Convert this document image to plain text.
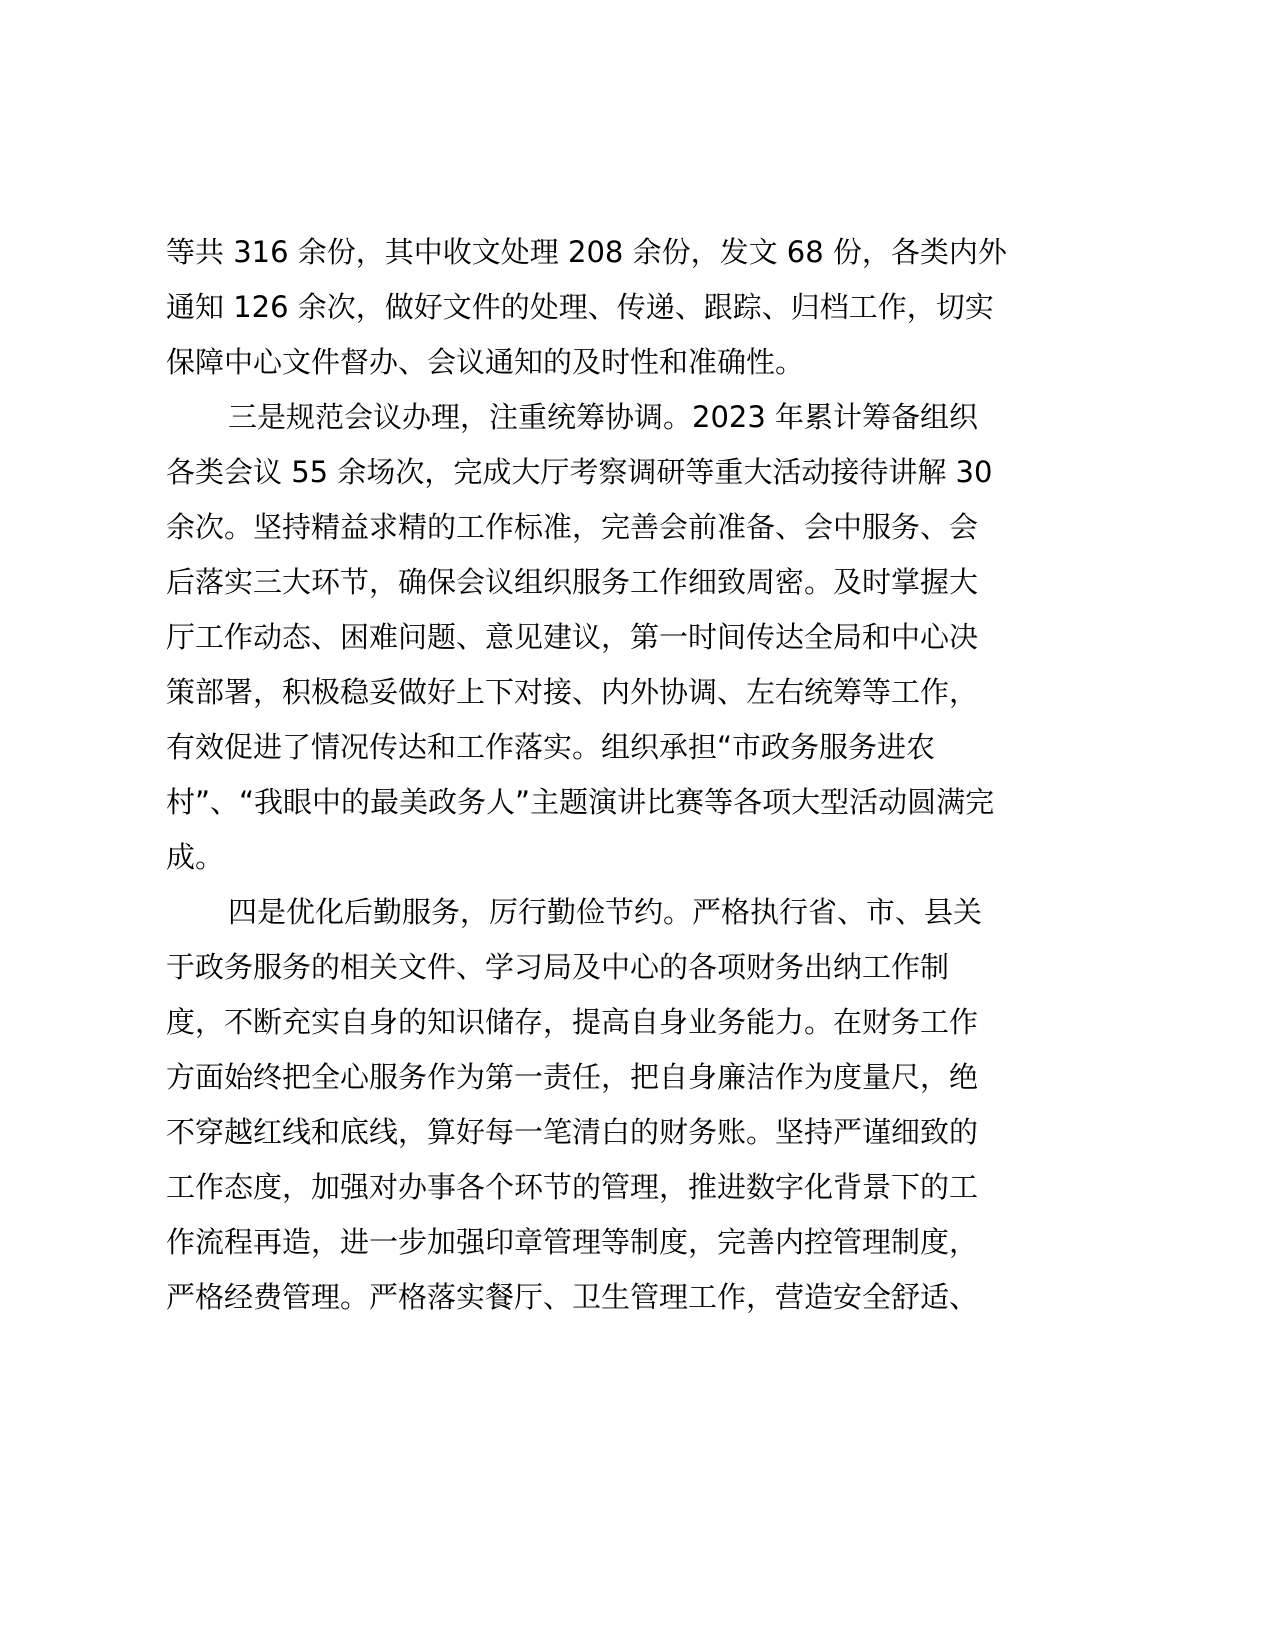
等共 316 余份，其中收文处理 208 余份，发文 68 份，各类内外
通知 126 余次，做好文件的处理、传递、跟踪、归档工作，切实
保障中心文件督办、会议通知的及时性和准确性。
三是规范会议办理，注重统筹协调。2023 年累计筹备组织
各类会议 55 余场次，完成大厅考察调研等重大活动接待讲解 30
余次。坚持精益求精的工作标准，完善会前准备、会中服务、会
后落实三大环节，确保会议组织服务工作细致周密。及时掌握大
厅工作动态、困难问题、意见建议，第一时间传达全局和中心决
策部署，积极稳妥做好上下对接、内外协调、左右统筹等工作，
有效促进了情况传达和工作落实。组织承担“市政务服务进农
村”、“我眼中的最美政务人”主题演讲比赛等各项大型活动圆满完
成。
四是优化后勤服务，厉行勤俭节约。严格执行省、市、县关
于政务服务的相关文件、学习局及中心的各项财务出纳工作制
度，不断充实自身的知识储存，提高自身业务能力。在财务工作
方面始终把全心服务作为第一责任，把自身廉洁作为度量尺，绝
不穿越红线和底线，算好每一笔清白的财务账。坚持严谨细致的
工作态度，加强对办事各个环节的管理，推进数字化背景下的工
作流程再造，进一步加强印章管理等制度，完善内控管理制度，
严格经费管理。严格落实餐厅、卫生管理工作，营造安全舒适、
